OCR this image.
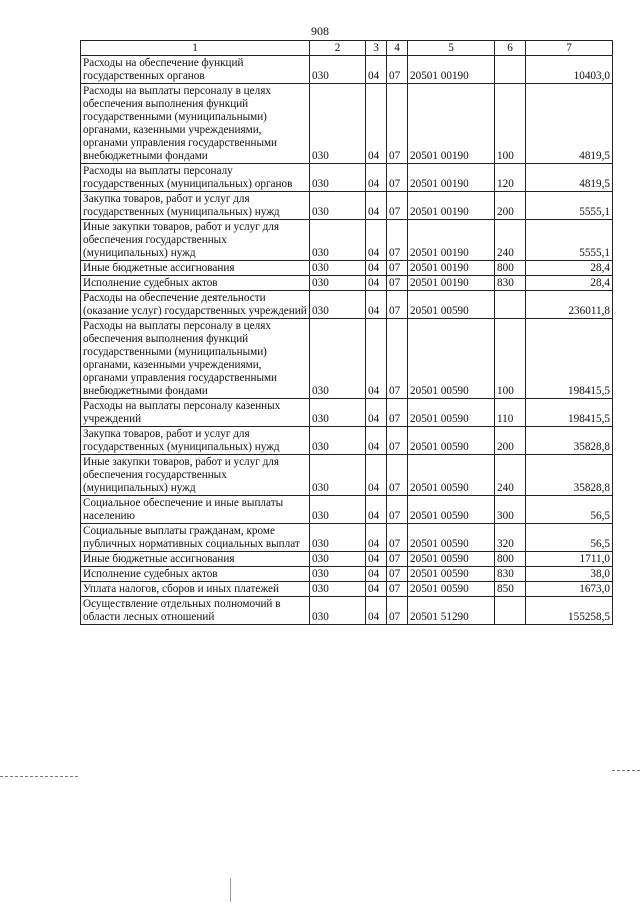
908
1	2	3	4	5	6	7
Расходы на обеспечение функций государственных органов	030	04	07	20501 00190		10403,0
Расходы на выплаты персоналу в целях обеспечения выполнения функций государственными (муниципальными) органами, казенными учреждениями, органами управления государственными внебюджетными фондами	030	04	07	20501 00190	100	4819,5
Расходы на выплаты персоналу государственных (муниципальных) органов	030	04	07	20501 00190	120	4819,5
Закупка товаров, работ и услуг для государственных (муниципальных) нужд	030	04	07	20501 00190	200	5555,1
Иные закупки товаров, работ и услуг для обеспечения государственных (муниципальных) нужд	030	04	07	20501 00190	240	5555,1
Иные бюджетные ассигнования	030	04	07	20501 00190	800	28,4
Исполнение судебных актов	030	04	07	20501 00190	830	28,4
Расходы на обеспечение деятельности (оказание услуг) государственных учреждений	030	04	07	20501 00590		236011,8
Расходы на выплаты персоналу в целях обеспечения выполнения функций государственными (муниципальными) органами, казенными учреждениями, органами управления государственными внебюджетными фондами	030	04	07	20501 00590	100	198415,5
Расходы на выплаты персоналу казенных учреждений	030	04	07	20501 00590	110	198415,5
Закупка товаров, работ и услуг для государственных (муниципальных) нужд	030	04	07	20501 00590	200	35828,8
Иные закупки товаров, работ и услуг для обеспечения государственных (муниципальных) нужд	030	04	07	20501 00590	240	35828,8
Социальное обеспечение и иные выплаты населению	030	04	07	20501 00590	300	56,5
Социальные выплаты гражданам, кроме публичных нормативных социальных выплат	030	04	07	20501 00590	320	56,5
Иные бюджетные ассигнования	030	04	07	20501 00590	800	1711,0
Исполнение судебных актов	030	04	07	20501 00590	830	38,0
Уплата налогов, сборов и иных платежей	030	04	07	20501 00590	850	1673,0
Осуществление отдельных полномочий в области лесных отношений	030	04	07	20501 51290		155258,5
